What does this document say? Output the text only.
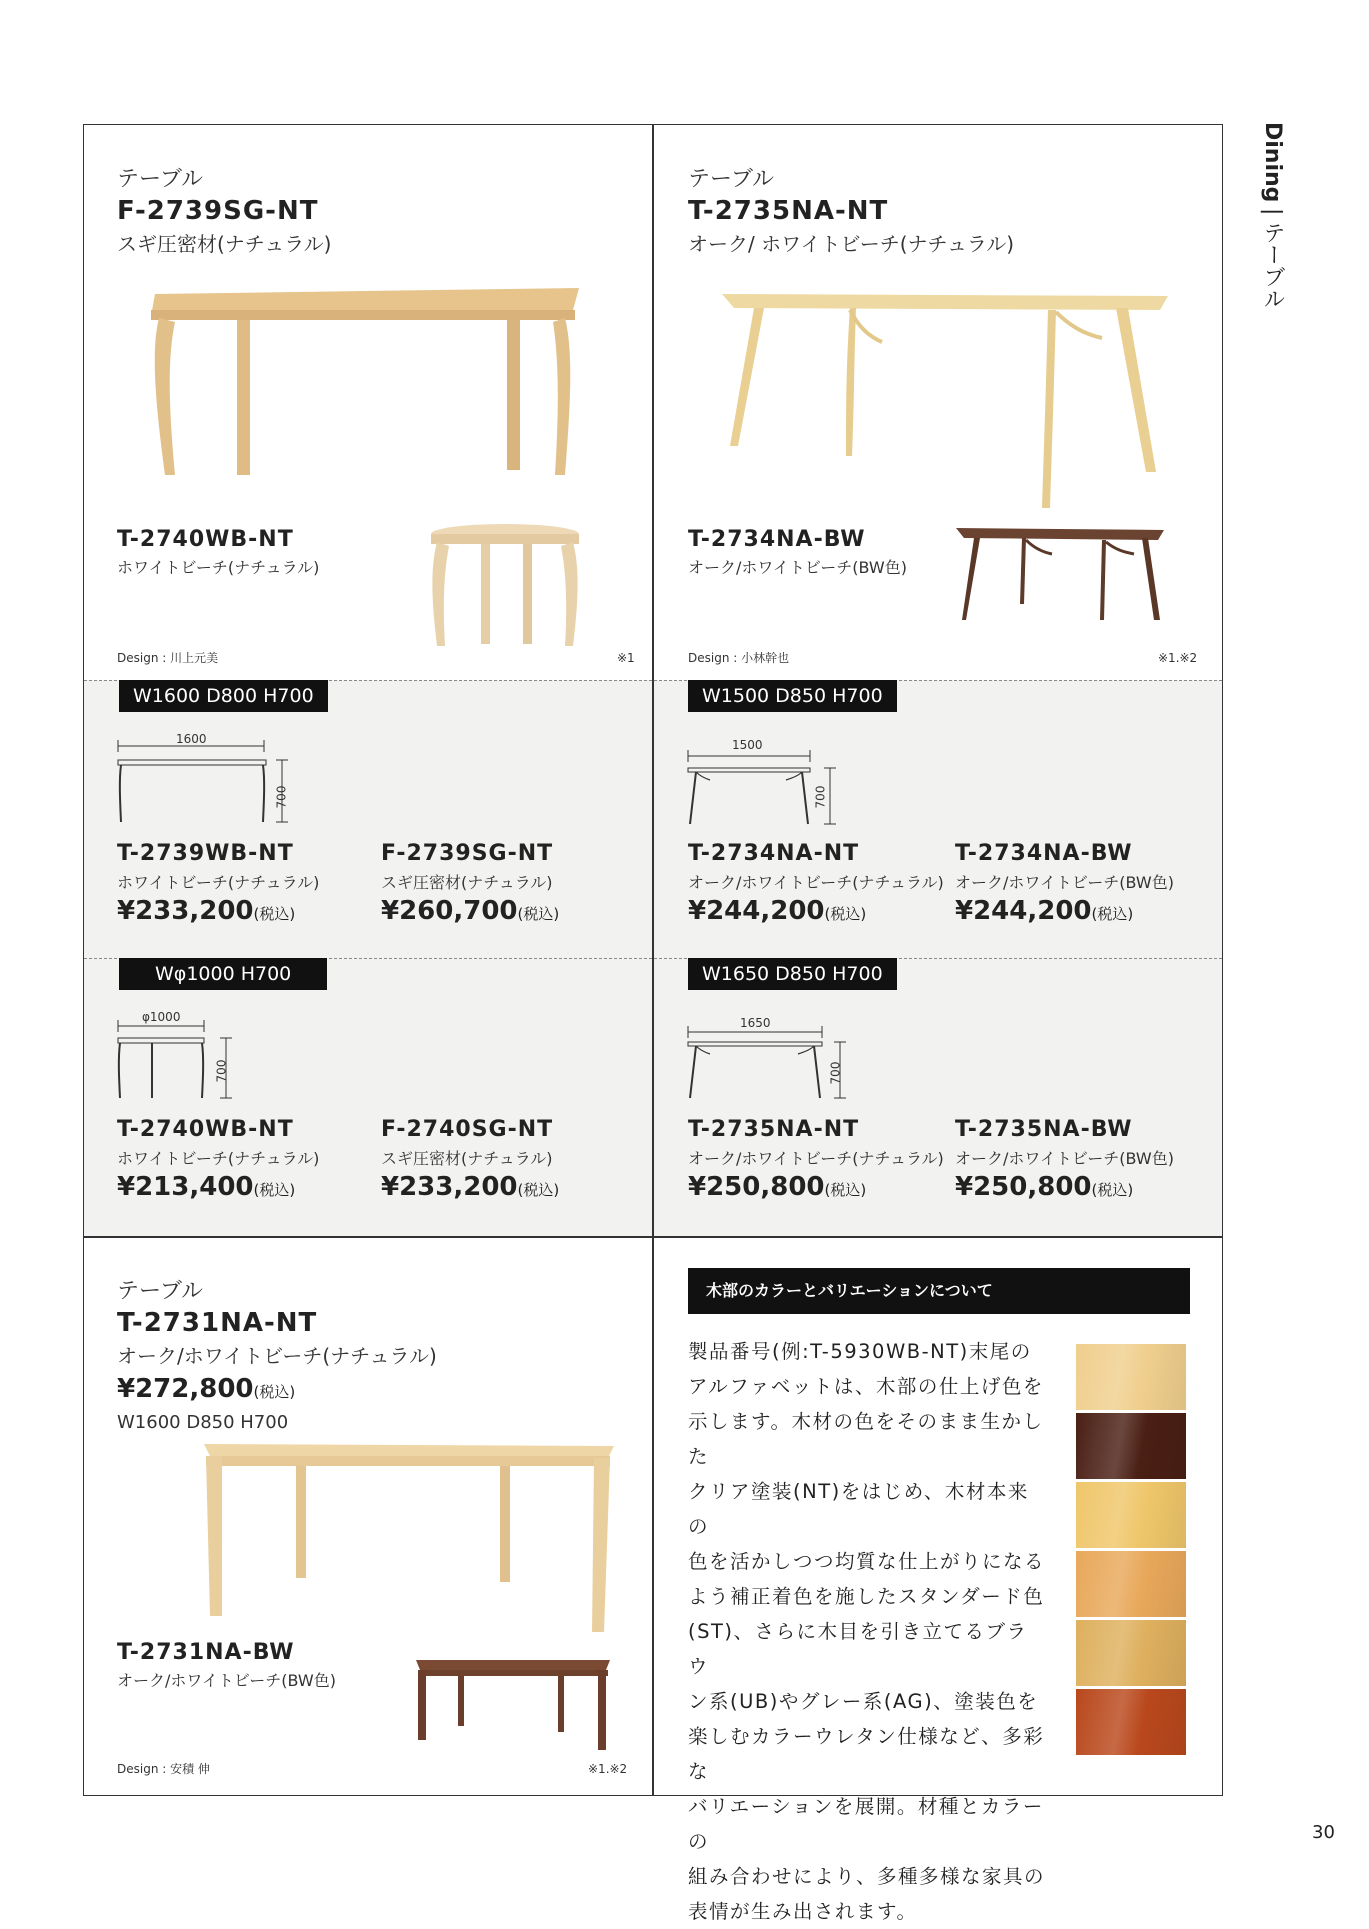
Dining|テーブル
テーブル
F-2739SG-NT
スギ圧密材(ナチュラル)
T-2740WB-NT
ホワイトビーチ(ナチュラル)
Design : 川上元美	※1
テーブル
T-2735NA-NT
オーク/ ホワイトビーチ(ナチュラル)
T-2734NA-BW
オーク/ホワイトビーチ(BW色)
Design : 小林幹也	※1.※2
W1600 D800 H700
1600
700
T-2739WB-NT
ホワイトビーチ(ナチュラル)
¥233,200(税込)
F-2739SG-NT
スギ圧密材(ナチュラル)
¥260,700(税込)
W1500 D850 H700
1500
700
T-2734NA-NT
オーク/ホワイトビーチ(ナチュラル)
¥244,200(税込)
T-2734NA-BW
オーク/ホワイトビーチ(BW色)
¥244,200(税込)
Wφ1000 H700
φ1000
700
T-2740WB-NT
ホワイトビーチ(ナチュラル)
¥213,400(税込)
F-2740SG-NT
スギ圧密材(ナチュラル)
¥233,200(税込)
W1650 D850 H700
1650
700
T-2735NA-NT
オーク/ホワイトビーチ(ナチュラル)
¥250,800(税込)
T-2735NA-BW
オーク/ホワイトビーチ(BW色)
¥250,800(税込)
テーブル
T-2731NA-NT
オーク/ホワイトビーチ(ナチュラル)
¥272,800(税込)
W1600 D850 H700
T-2731NA-BW
オーク/ホワイトビーチ(BW色)
Design : 安積 伸	※1.※2
木部のカラーとバリエーションについて
製品番号(例:T-5930WB-NT)末尾の
アルファベットは、木部の仕上げ色を
示します。木材の色をそのまま生かした
クリア塗装(NT)をはじめ、木材本来の
色を活かしつつ均質な仕上がりになる
よう補正着色を施したスタンダード色
(ST)、さらに木目を引き立てるブラウ
ン系(UB)やグレー系(AG)、塗装色を
楽しむカラーウレタン仕様など、多彩な
バリエーションを展開。材種とカラーの
組み合わせにより、多種多様な家具の
表情が生み出されます。
30
